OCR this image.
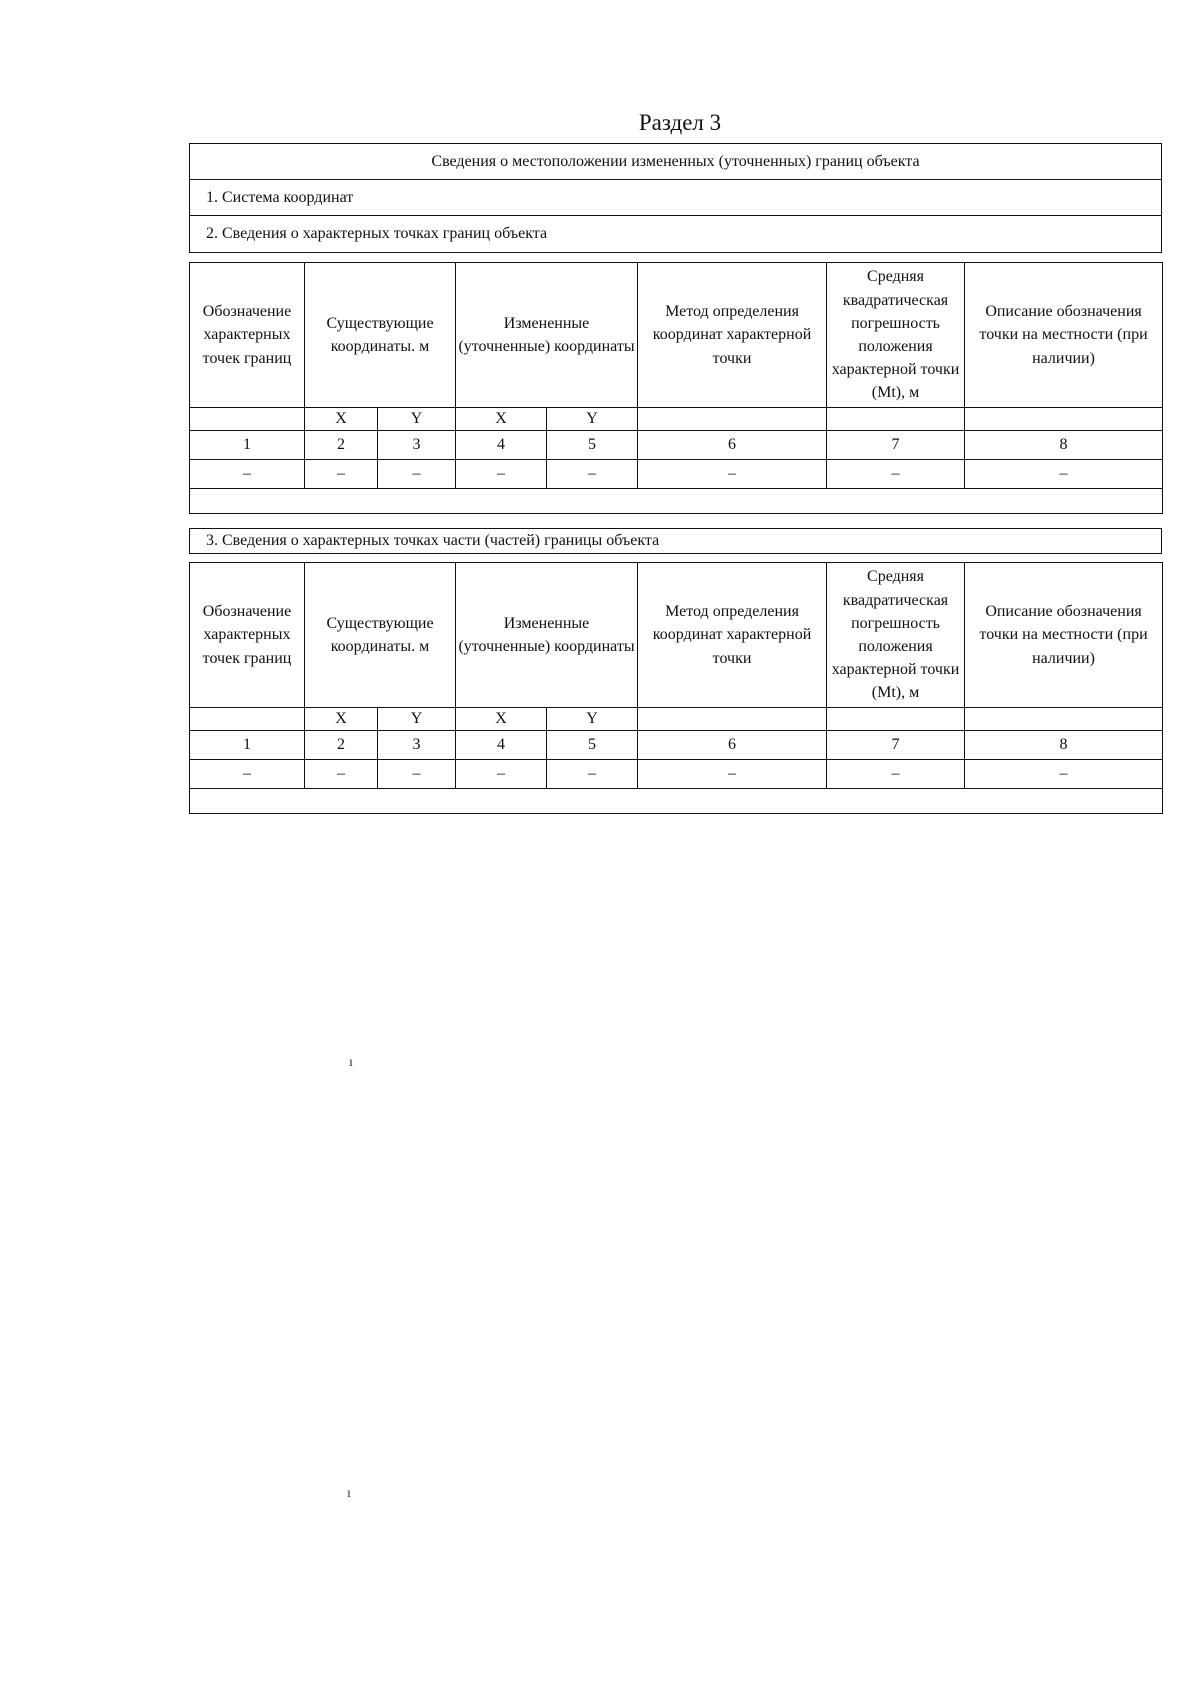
Раздел 3
Сведения о местоположении измененных (уточненных) границ объекта
1. Система координат
2. Сведения о характерных точках границ объекта
Обозначение характерных точек границ	Существующие координаты. м		Измененные (уточненные) координаты		Метод определения координат характерной точки	Средняя квадратическая погрешность положения характерной точки (Mt), м	Описание обозначения точки на местности (при наличии)
	X	Y	X	Y			
1	2	3	4	5	6	7	8
–	–	–	–	–	–	–	–

3. Сведения о характерных точках части (частей) границы объекта
Обозначение характерных точек границ	Существующие координаты. м		Измененные (уточненные) координаты		Метод определения координат характерной точки	Средняя квадратическая погрешность положения характерной точки (Mt), м	Описание обозначения точки на местности (при наличии)
	X	Y	X	Y			
1	2	3	4	5	6	7	8
–	–	–	–	–	–	–	–

ı
ı
